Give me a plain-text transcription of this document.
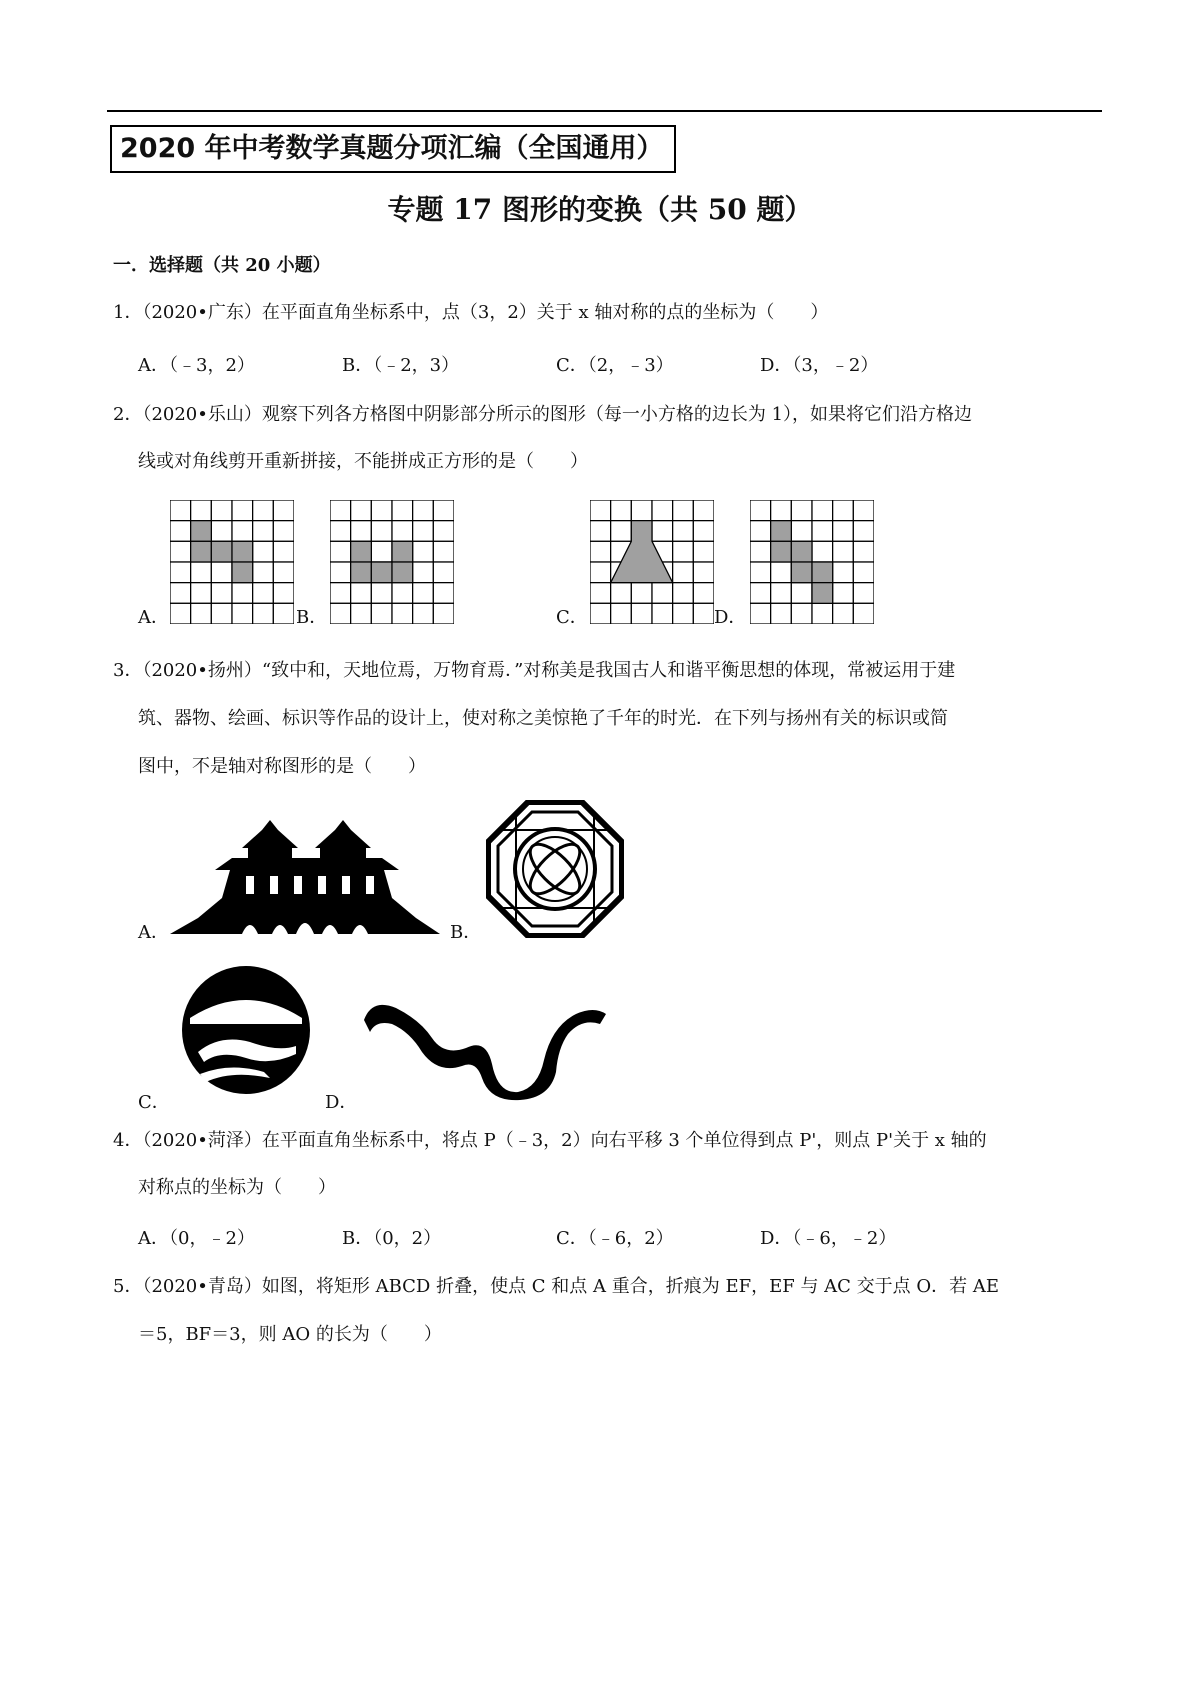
2020 年中考数学真题分项汇编（全国通用）
专题 17 图形的变换（共 50 题）
一．选择题（共 20 小题）
1．（2020•广东）在平面直角坐标系中，点（3，2）关于 x 轴对称的点的坐标为（　　）
A．（﹣3，2）	B．（﹣2，3）	C．（2，﹣3）	D．（3，﹣2）
2．（2020•乐山）观察下列各方格图中阴影部分所示的图形（每一小方格的边长为 1），如果将它们沿方格边
线或对角线剪开重新拼接，不能拼成正方形的是（　　）
A．	B．	C．	D．
3．（2020•扬州）“致中和，天地位焉，万物育焉．”对称美是我国古人和谐平衡思想的体现，常被运用于建
筑、器物、绘画、标识等作品的设计上，使对称之美惊艳了千年的时光．在下列与扬州有关的标识或简
图中，不是轴对称图形的是（　　）
A．	B．
C．	D．
4．（2020•菏泽）在平面直角坐标系中，将点 P（﹣3，2）向右平移 3 个单位得到点 P'，则点 P'关于 x 轴的
对称点的坐标为（　　）
A．（0，﹣2）	B．（0，2）	C．（﹣6，2）	D．（﹣6，﹣2）
5．（2020•青岛）如图，将矩形 ABCD 折叠，使点 C 和点 A 重合，折痕为 EF，EF 与 AC 交于点 O．若 AE
＝5，BF＝3，则 AO 的长为（　　）
